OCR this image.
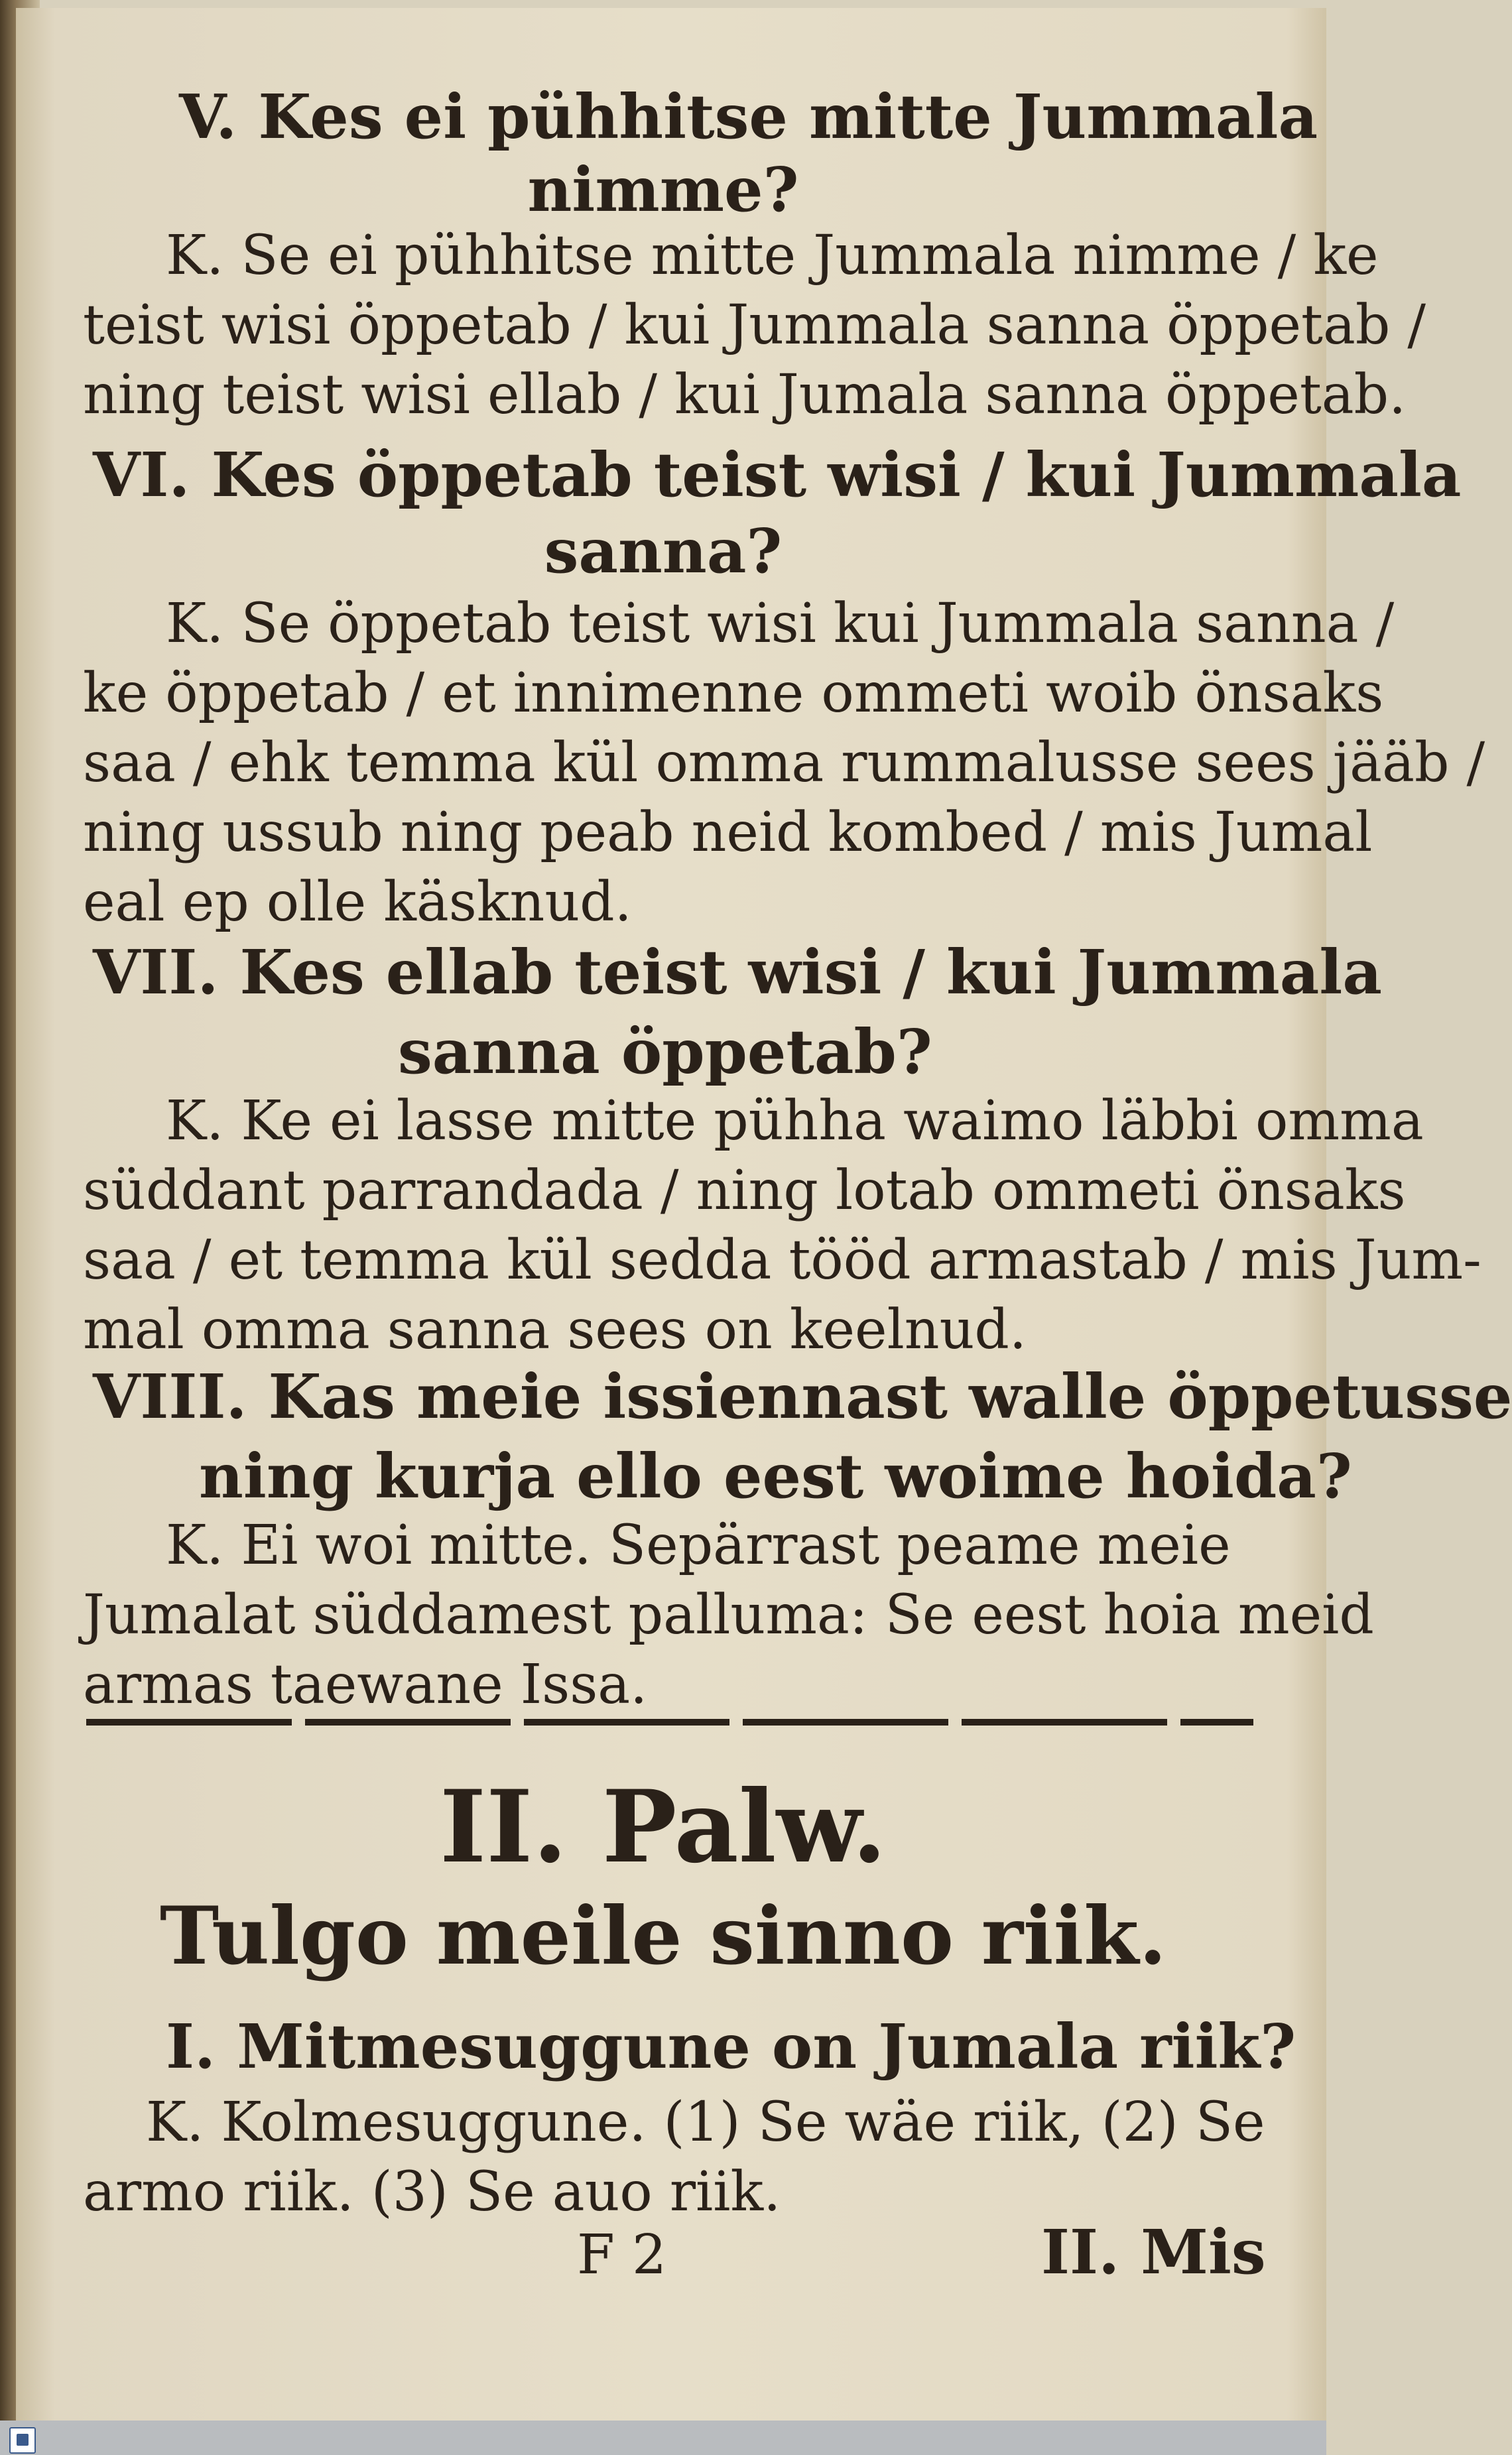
V. Kes ei pühhitse mitte Jummala
nimme?
K. Se ei pühhitse mitte Jummala nimme / ke
teist wisi öppetab / kui Jummala sanna öppetab /
ning teist wisi ellab / kui Jumala sanna öppetab.
VI. Kes öppetab teist wisi / kui Jummala
sanna?
K. Se öppetab teist wisi kui Jummala sanna /
ke öppetab / et innimenne ommeti woib önsaks
saa / ehk temma kül omma rummalusse sees jääb /
ning ussub ning peab neid kombed / mis Jumal
eal ep olle käsknud.
VII. Kes ellab teist wisi / kui Jummala
sanna öppetab?
K. Ke ei lasse mitte pühha waimo läbbi omma
süddant parrandada / ning lotab ommeti önsaks
saa / et temma kül sedda tööd armastab / mis Jum-
mal omma sanna sees on keelnud.
VIII. Kas meie issiennast walle öppetusse
ning kurja ello eest woime hoida?
K. Ei woi mitte. Sepärrast peame meie
Jumalat süddamest palluma: Se eest hoia meid
armas taewane Issa.
II. Palw.
Tulgo meile sinno riik.
I. Mitmesuggune on Jumala riik?
K. Kolmesuggune. (1) Se wäe riik, (2) Se
armo riik. (3) Se auo riik.
F 2	II. Mis
